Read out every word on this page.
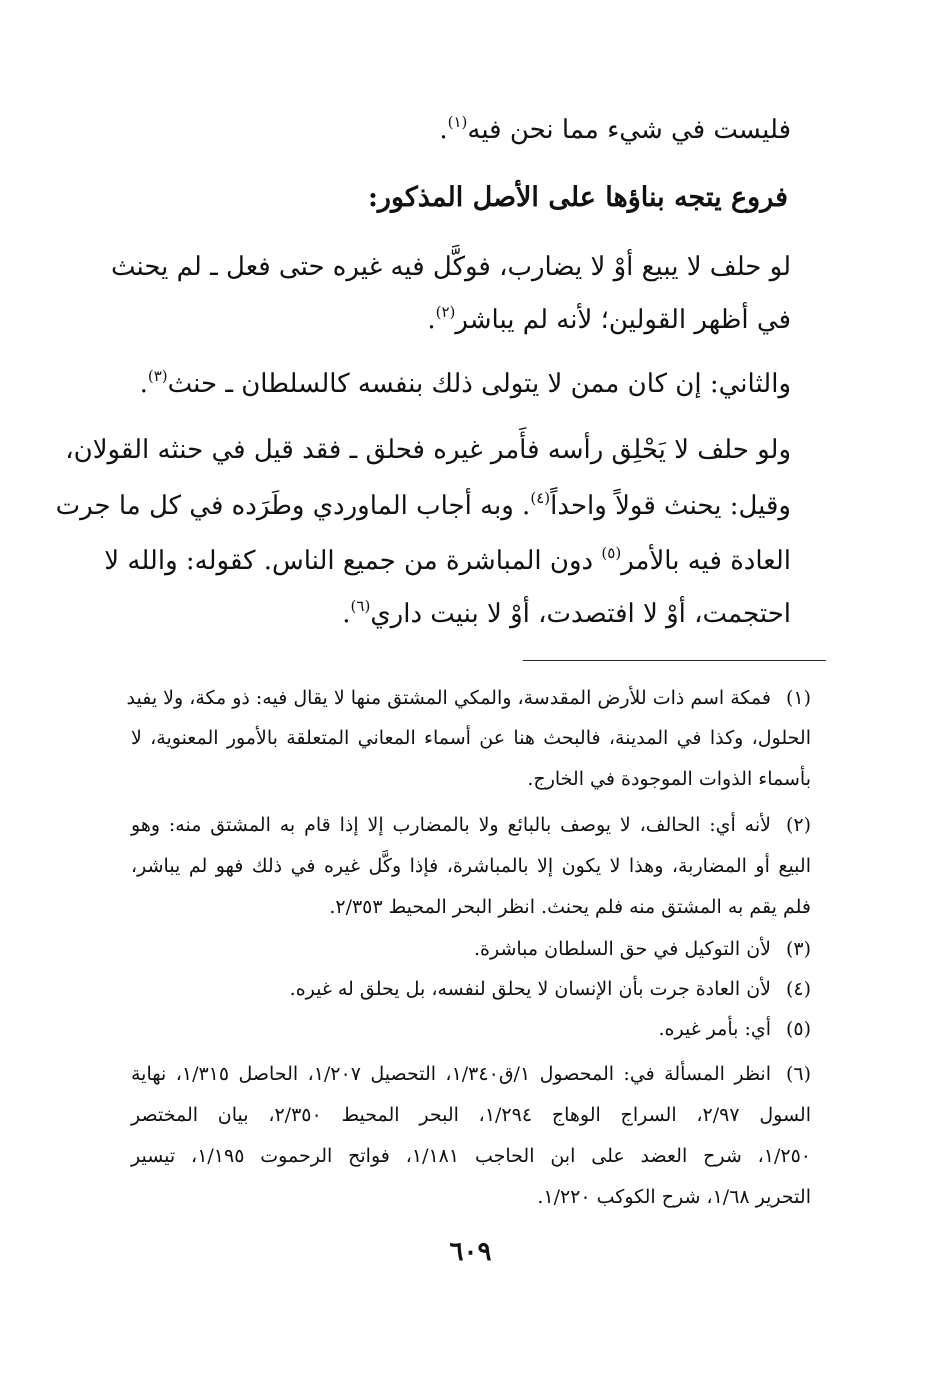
فليست في شيء مما نحن فيه$^{(١)}$.
فروع يتجه بناؤها على الأصل المذكور:
لو حلف لا يبيع أوْ لا يضارب، فوكَّل فيه غيره حتى فعل ـ لم يحنث
في أظهر القولين؛ لأنه لم يباشر$^{(٢)}$.
والثاني: إن كان ممن لا يتولى ذلك بنفسه كالسلطان ـ حنث$^{(٣)}$.
ولو حلف لا يَحْلِق رأسه فأَمر غيره فحلق ـ فقد قيل في حنثه القولان،
وقيل: يحنث قولاً واحداً$^{(٤)}$. وبه أجاب الماوردي وطَرَده في كل ما جرت
العادة فيه بالأمر$^{(٥)}$ دون المباشرة من جميع الناس. كقوله: والله لا
احتجمت، أوْ لا افتصدت، أوْ لا بنيت داري$^{(٦)}$.
(١)
فمكة اسم ذات للأرض المقدسة، والمكي المشتق منها لا يقال فيه: ذو مكة، ولا يفيد
الحلول، وكذا في المدينة، فالبحث هنا عن أسماء المعاني المتعلقة بالأمور المعنوية، لا
بأسماء الذوات الموجودة في الخارج.
(٢)
لأنه أي: الحالف، لا يوصف بالبائع ولا بالمضارب إلا إذا قام به المشتق منه: وهو
البيع أو المضاربة، وهذا لا يكون إلا بالمباشرة، فإذا وكَّل غيره في ذلك فهو لم يباشر،
فلم يقم به المشتق منه فلم يحنث. انظر البحر المحيط ٢/٣٥٣.
(٣)
لأن التوكيل في حق السلطان مباشرة.
(٤)
لأن العادة جرت بأن الإنسان لا يحلق لنفسه، بل يحلق له غيره.
(٥)
أي: بأمر غيره.
(٦)
انظر المسألة في: المحصول ١/ق١/٣٤٠، التحصيل ١/٢٠٧، الحاصل ١/٣١٥، نهاية
السول ٢/٩٧، السراج الوهاج ١/٢٩٤، البحر المحيط ٢/٣٥٠، بيان المختصر
١/٢٥٠، شرح العضد على ابن الحاجب ١/١٨١، فواتح الرحموت ١/١٩٥، تيسير
التحرير ١/٦٨، شرح الكوكب ١/٢٢٠.
٦٠٩
